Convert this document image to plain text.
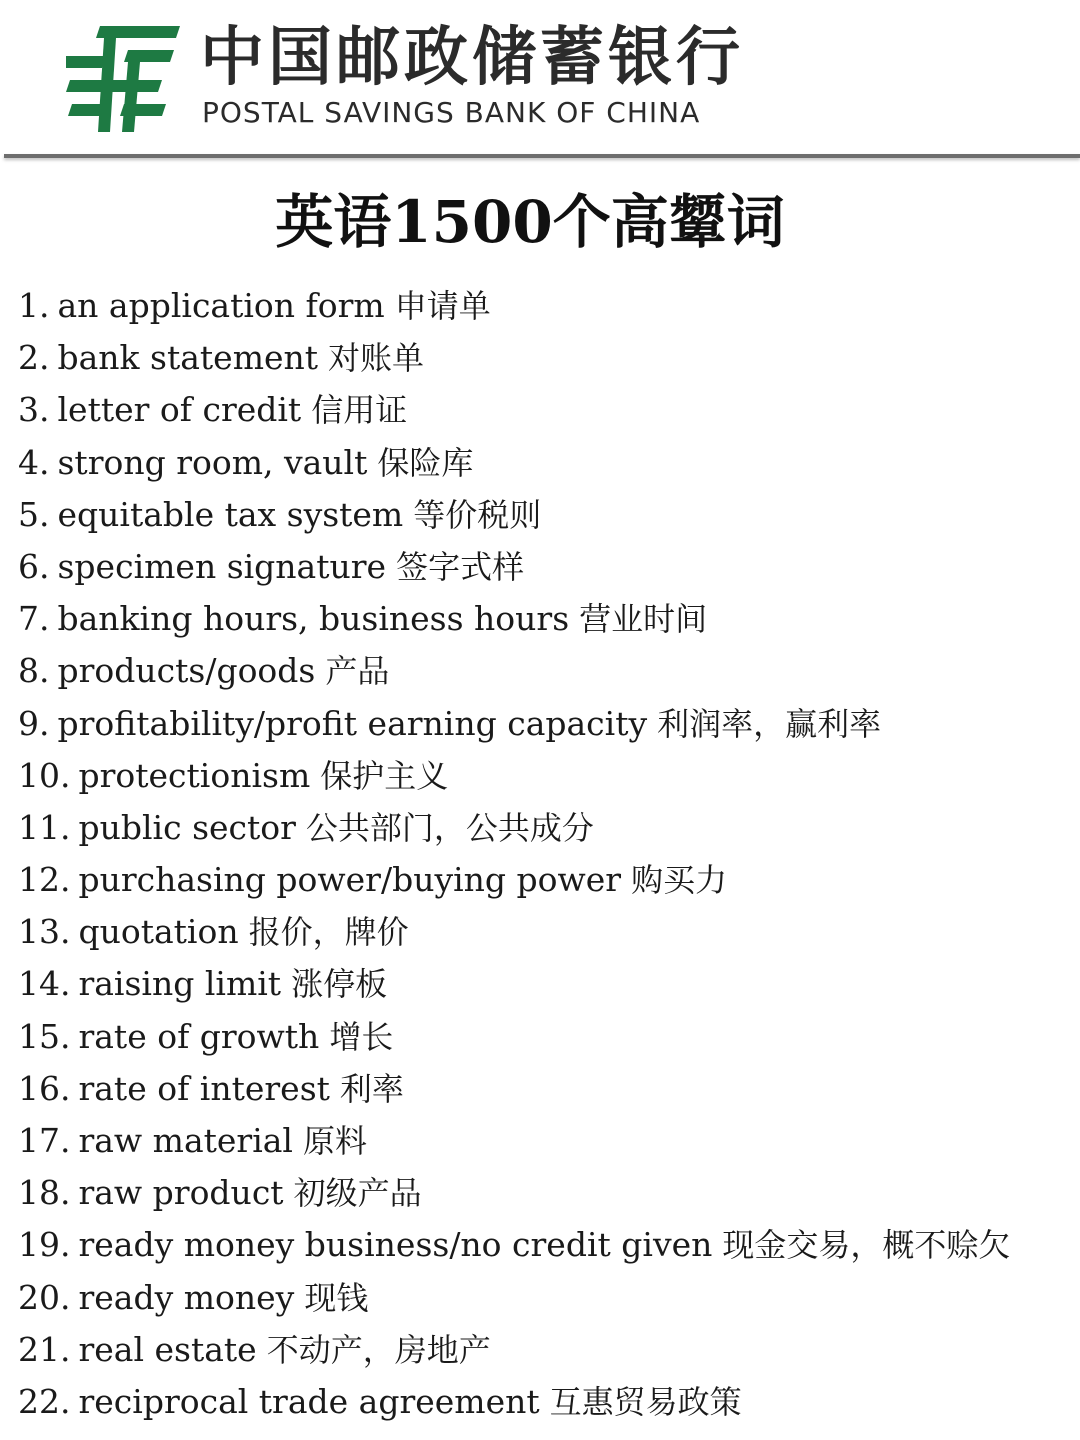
中国邮政储蓄银行
POSTAL SAVINGS BANK OF CHINA
英语1500个高颦词
1. an application form 申请单
2. bank statement 对账单
3. letter of credit 信用证
4. strong room, vault 保险库
5. equitable tax system 等价税则
6. specimen signature 签字式样
7. banking hours, business hours 营业时间
8. products/goods 产品
9. profitability/profit earning capacity 利润率，赢利率
10. protectionism 保护主义
11. public sector 公共部门，公共成分
12. purchasing power/buying power 购买力
13. quotation 报价，牌价
14. raising limit 涨停板
15. rate of growth 增长
16. rate of interest 利率
17. raw material 原料
18. raw product 初级产品
19. ready money business/no credit given 现金交易，概不赊欠
20. ready money 现钱
21. real estate 不动产，房地产
22. reciprocal trade agreement 互惠贸易政策
